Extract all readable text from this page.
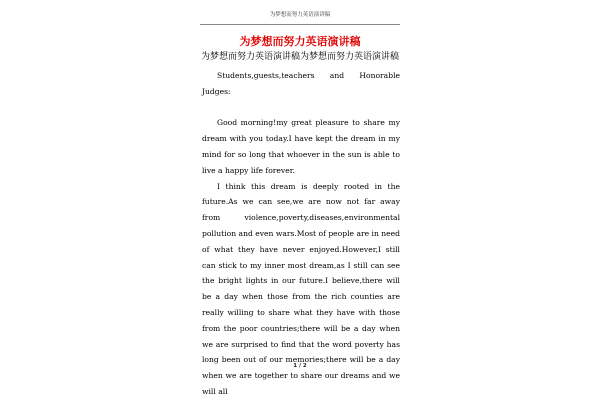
为梦想而努力英语演讲稿
为梦想而努力英语演讲稿
为梦想而努力英语演讲稿为梦想而努力英语演讲稿

Students,guests,teachers and Honorable Judges:

Good morning!my great pleasure to share my dream with you today.I have kept the dream in my mind for so long that whoever in the sun is able to live a happy life forever.

I think this dream is deeply rooted in the future.As we can see,we are now not far away from violence,poverty,diseases,environmental pollution and even wars.Most of people are in need of what they have never enjoyed.However,I still can stick to my inner most dream,as I still can see the bright lights in our future.I believe,there will be a day when those from the rich counties are really willing to share what they have with those from the poor countries;there will be a day when we are surprised to find that the word poverty has long been out of our memories;there will be a day when we are together to share our dreams and we will all

1 / 2
